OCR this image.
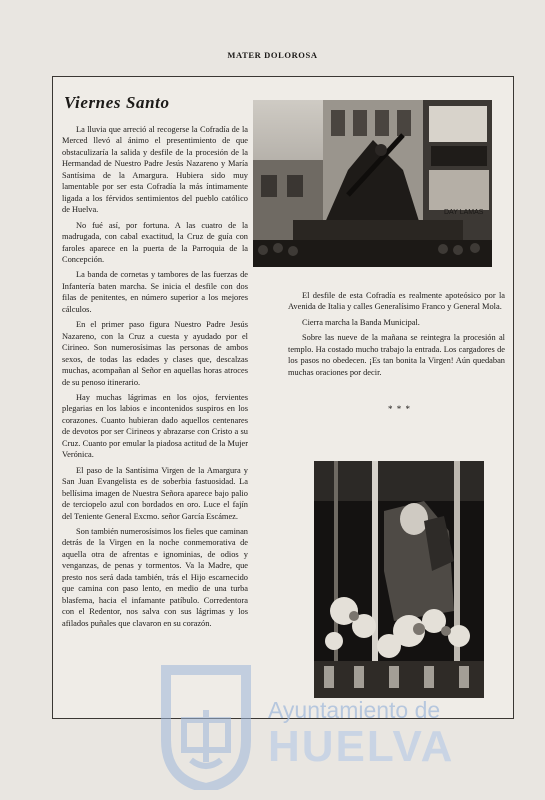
MATER DOLOROSA
Viernes Santo

La lluvia que arreció al recogerse la Cofradía de la Merced llevó al ánimo el presentimiento de que obstaculizaría la salida y desfile de la procesión de la Hermandad de Nuestro Padre Jesús Nazareno y María Santísima de la Amargura. Hubiera sido muy lamentable por ser esta Cofradía la más íntimamente ligada a los férvidos sentimientos del pueblo católico de Huelva.

No fué así, por fortuna. A las cuatro de la madrugada, con cabal exactitud, la Cruz de guía con faroles aparece en la puerta de la Parroquia de la Concepción.

La banda de cornetas y tambores de las fuerzas de Infantería baten marcha. Se inicia el desfile con dos filas de penitentes, en número superior a los mejores cálculos.

En el primer paso figura Nuestro Padre Jesús Nazareno, con la Cruz a cuesta y ayudado por el Cirineo. Son numerosísimas las personas de ambos sexos, de todas las edades y clases que, descalzas muchas, acompañan al Señor en aquellas horas atroces de su penoso itinerario.

Hay muchas lágrimas en los ojos, fervientes plegarias en los labios e incontenidos suspiros en los corazones. Cuanto hubieran dado aquellos centenares de devotos por ser Cirineos y abrazarse con Cristo a su Cruz. Cuanto por emular la piadosa actitud de la Mujer Verónica.

El paso de la Santísima Virgen de la Amargura y San Juan Evangelista es de soberbia fastuosidad. La bellísima imagen de Nuestra Señora aparece bajo palio de terciopelo azul con bordados en oro. Luce el fajín del Teniente General Excmo. señor García Escámez.

Son también numerosísimos los fieles que caminan detrás de la Virgen en la noche conmemorativa de aquella otra de afrentas e ignominias, de odios y venganzas, de penas y tormentos. Va la Madre, que presto nos será dada también, trás el Hijo escarnecido que camina con paso lento, en medio de una turba blasfema, hacia el infamante patíbulo. Corredentora con el Redentor, nos salva con sus lágrimas y los afilados puñales que clavaron en su corazón.

El desfile de esta Cofradía es realmente apoteósico por la Avenida de Italia y calles Generalísimo Franco y General Mola.

Cierra marcha la Banda Municipal.

Sobre las nueve de la mañana se reintegra la procesión al templo. Ha costado mucho trabajo la entrada. Los cargadores de los pasos no obedecen. ¡Es tan bonita la Virgen! Aún quedaban muchas oraciones por decir.

* * *
DAY LAMAS
Ayuntamiento de
HUELVA
